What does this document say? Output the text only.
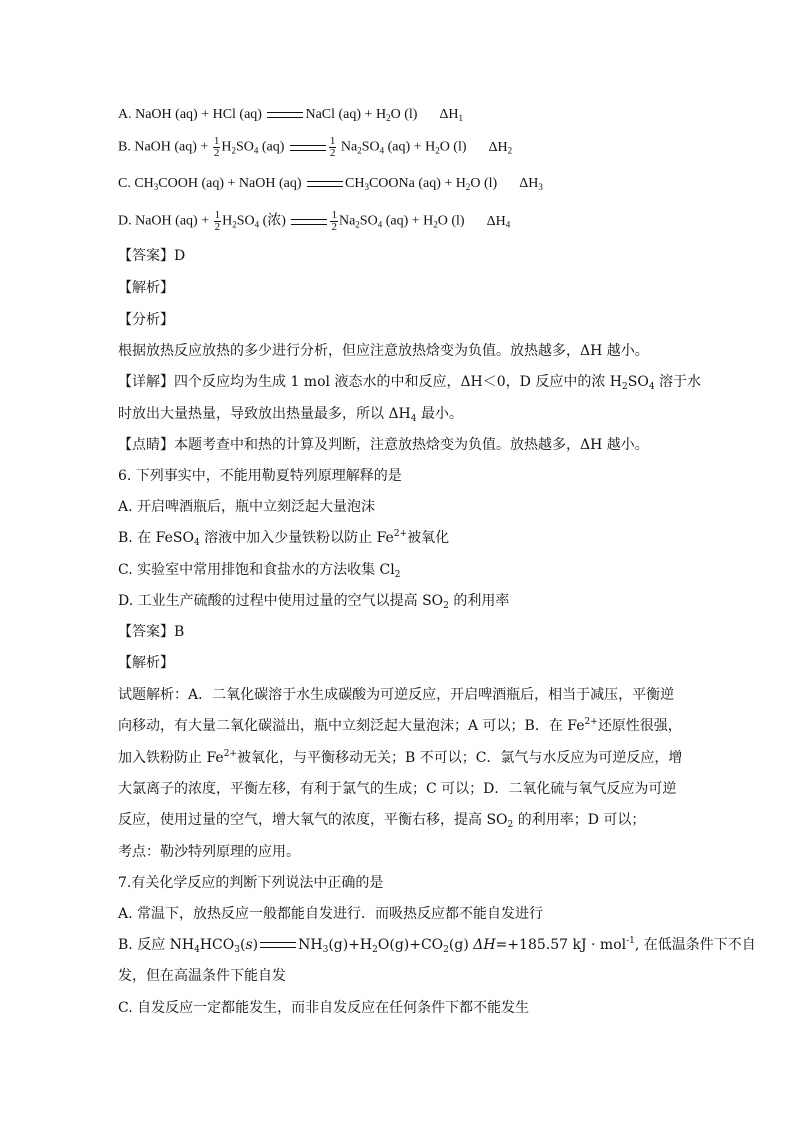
A. NaOH (aq) + HCl (aq)	NaCl $(aq) + H_2O$ (l) $\Delta H_1$
B. NaOH $(aq) + \frac{1}{2} H_2SO_4$ (aq)	$\frac{1}{2} Na_2SO_4$ $(aq) + H_2O$ (l) $\Delta H_2$
C. $CH_3COOH$ (aq) + NaOH (aq)	$CH_3COONa$ $(aq) + H_2O$ (l) $\Delta H_3$
D. NaOH $(aq) + \frac{1}{2} H_2SO_4$ (浓)	$\frac{1}{2} Na_2SO_4$ $(aq) + H_2O$ (l) $\Delta H_4$
【答案】D
【解析】
【分析】
根据放热反应放热的多少进行分析，但应注意放热焓变为负值。放热越多，ΔH 越小。
【详解】四个反应均为生成 1 mol 液态水的中和反应，ΔH＜0，D 反应中的浓 $H_2SO_4$ 溶于水
时放出大量热量，导致放出热量最多，所以 $\Delta H_4$ 最小。
【点睛】本题考查中和热的计算及判断，注意放热焓变为负值。放热越多，ΔH 越小。
6. 下列事实中，不能用勒夏特列原理解释的是
A. 开启啤酒瓶后，瓶中立刻泛起大量泡沫
B. 在 FeSO$_4$ 溶液中加入少量铁粉以防止 $Fe^{2+}$被氧化
C. 实验室中常用排饱和食盐水的方法收集 $Cl_2$
D. 工业生产硫酸的过程中使用过量的空气以提高 $SO_2$ 的利用率
【答案】B
【解析】
试题解析：A．二氧化碳溶于水生成碳酸为可逆反应，开启啤酒瓶后，相当于减压，平衡逆
向移动，有大量二氧化碳溢出，瓶中立刻泛起大量泡沫；A 可以；B．在 $Fe^{2+}$还原性很强，
加入铁粉防止 $Fe^{2+}$被氧化，与平衡移动无关；B 不可以；C．氯气与水反应为可逆反应，增
大氯离子的浓度，平衡左移，有利于氯气的生成；C 可以；D．二氧化硫与氧气反应为可逆
反应，使用过量的空气，增大氧气的浓度，平衡右移，提高 $SO_2$ 的利用率；D 可以；
考点：勒沙特列原理的应用。
7.有关化学反应的判断下列说法中正确的是
A. 常温下，放热反应一般都能自发进行．而吸热反应都不能自发进行
B. 反应 $NH_4HCO_3(s)$	$NH_3(g)+H_2O(g)+CO_2(g)$ ΔH=+185.57 kJ · mol$^{-1}$, 在低温条件下不自
发，但在高温条件下能自发
C. 自发反应一定都能发生，而非自发反应在任何条件下都不能发生
